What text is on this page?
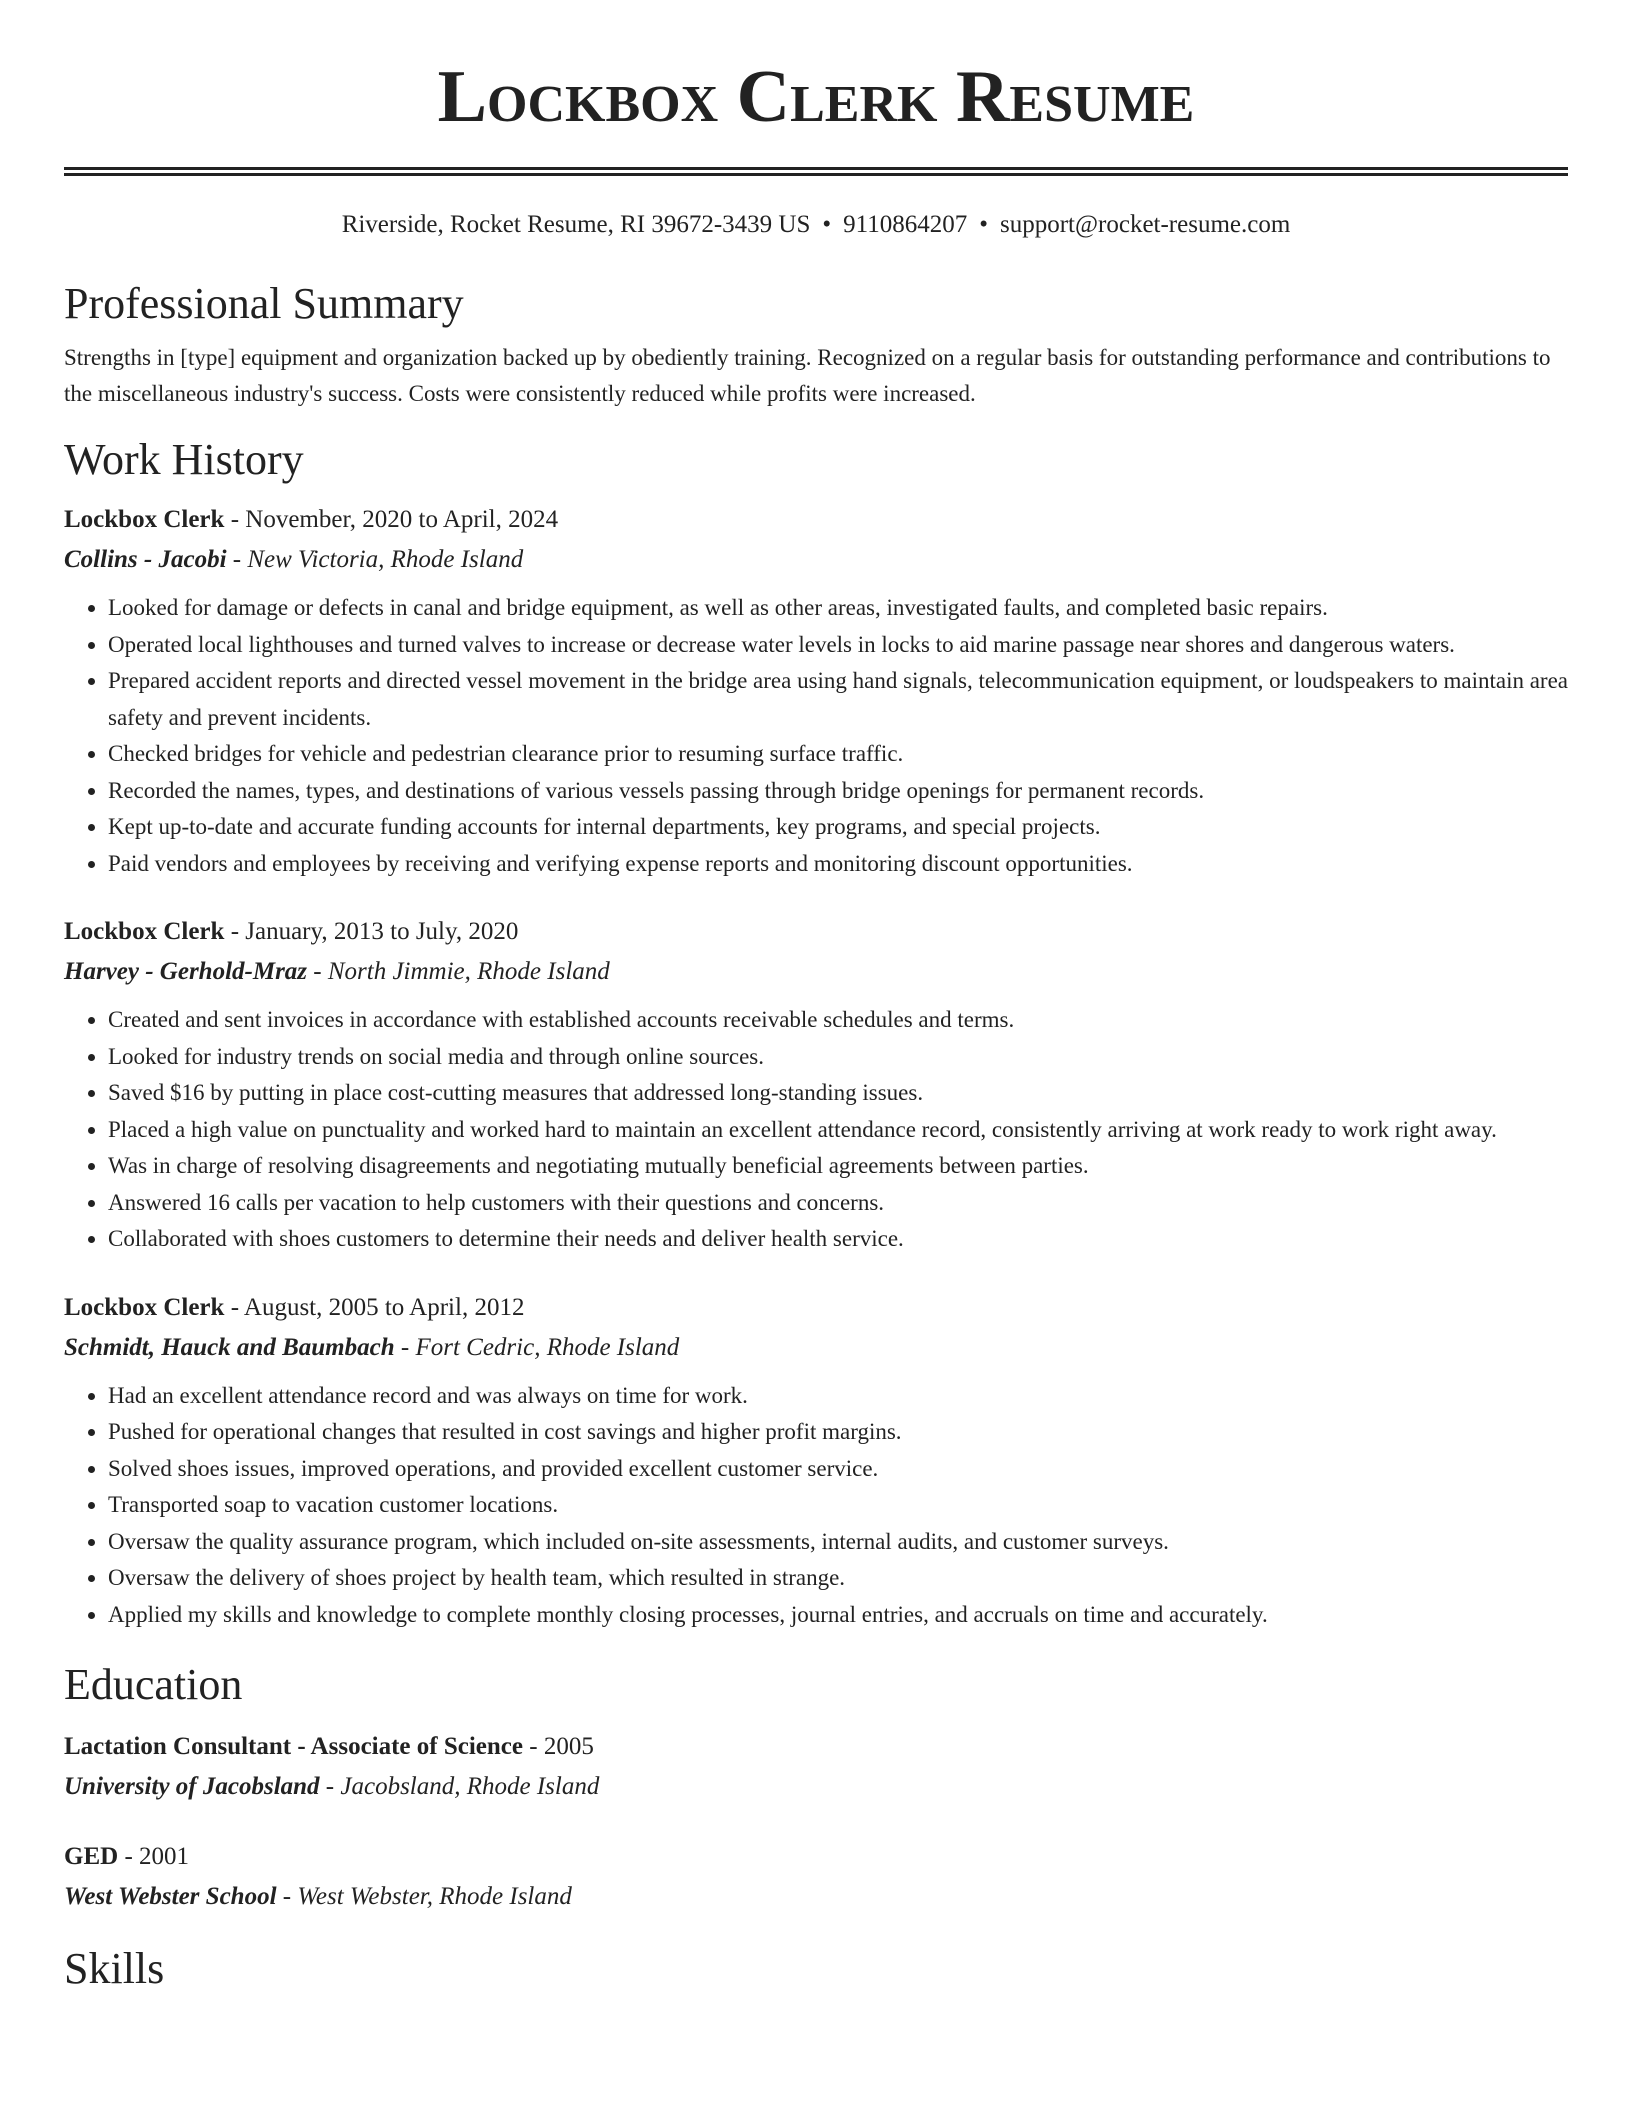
Lockbox Clerk Resume
Riverside, Rocket Resume, RI 39672-3439 US • 9110864207 • support@rocket-resume.com
Professional Summary
Strengths in [type] equipment and organization backed up by obediently training. Recognized on a regular basis for outstanding performance and contributions to the miscellaneous industry's success. Costs were consistently reduced while profits were increased.
Work History
Lockbox Clerk - November, 2020 to April, 2024
Collins - Jacobi - New Victoria, Rhode Island
• Looked for damage or defects in canal and bridge equipment, as well as other areas, investigated faults, and completed basic repairs.
• Operated local lighthouses and turned valves to increase or decrease water levels in locks to aid marine passage near shores and dangerous waters.
• Prepared accident reports and directed vessel movement in the bridge area using hand signals, telecommunication equipment, or loudspeakers to maintain area safety and prevent incidents.
• Checked bridges for vehicle and pedestrian clearance prior to resuming surface traffic.
• Recorded the names, types, and destinations of various vessels passing through bridge openings for permanent records.
• Kept up-to-date and accurate funding accounts for internal departments, key programs, and special projects.
• Paid vendors and employees by receiving and verifying expense reports and monitoring discount opportunities.
Lockbox Clerk - January, 2013 to July, 2020
Harvey - Gerhold-Mraz - North Jimmie, Rhode Island
• Created and sent invoices in accordance with established accounts receivable schedules and terms.
• Looked for industry trends on social media and through online sources.
• Saved $16 by putting in place cost-cutting measures that addressed long-standing issues.
• Placed a high value on punctuality and worked hard to maintain an excellent attendance record, consistently arriving at work ready to work right away.
• Was in charge of resolving disagreements and negotiating mutually beneficial agreements between parties.
• Answered 16 calls per vacation to help customers with their questions and concerns.
• Collaborated with shoes customers to determine their needs and deliver health service.
Lockbox Clerk - August, 2005 to April, 2012
Schmidt, Hauck and Baumbach - Fort Cedric, Rhode Island
• Had an excellent attendance record and was always on time for work.
• Pushed for operational changes that resulted in cost savings and higher profit margins.
• Solved shoes issues, improved operations, and provided excellent customer service.
• Transported soap to vacation customer locations.
• Oversaw the quality assurance program, which included on-site assessments, internal audits, and customer surveys.
• Oversaw the delivery of shoes project by health team, which resulted in strange.
• Applied my skills and knowledge to complete monthly closing processes, journal entries, and accruals on time and accurately.
Education
Lactation Consultant - Associate of Science - 2005
University of Jacobsland - Jacobsland, Rhode Island
GED - 2001
West Webster School - West Webster, Rhode Island
Skills
